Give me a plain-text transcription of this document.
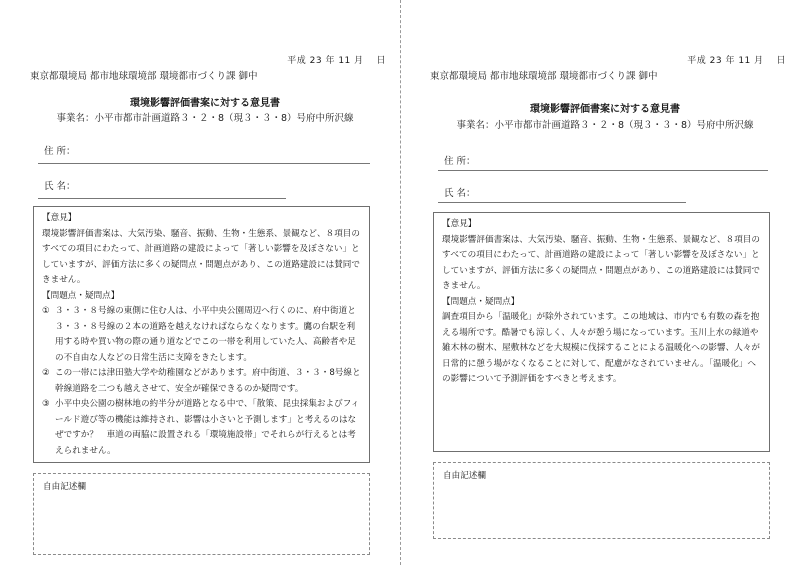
平成 23 年 11 月　 日
東京都環境局 都市地球環境部 環境都市づくり課 御中
環境影響評価書案に対する意見書
事業名：小平市都市計画道路３・２・8（現３・３・8）号府中所沢線
住 所：
氏 名：

【意見】

環境影響評価書案は、大気汚染、騒音、振動、生物・生態系、景観など、８項目のすべての項目にわたって、計画道路の建設によって「著しい影響を及ぼさない」としていますが、評価方法に多くの疑問点・問題点があり、この道路建設には賛同できません。

【問題点・疑問点】

① ３・３・８号線の東側に住む人は、小平中央公園周辺へ行くのに、府中街道と３・３・８号線の２本の道路を越えなければならなくなります。鷹の台駅を利用する時や買い物の際の通り道などでこの一帯を利用していた人、高齢者や足の不自由な人などの日常生活に支障をきたします。
② この一帯には津田塾大学や幼稚園などがあります。府中街道、３・３・8号線と幹線道路を二つも越えさせて、安全が確保できるのか疑問です。
③ 小平中央公園の樹林地の約半分が道路となる中で、「散策、昆虫採集およびフィールド遊び等の機能は維持され、影響は小さいと予測します」と考えるのはなぜですか？　車道の両脇に設置される「環境施設帯」でそれらが行えるとは考えられません。
自由記述欄
平成 23 年 11 月　 日
東京都環境局 都市地球環境部 環境都市づくり課 御中
環境影響評価書案に対する意見書
事業名：小平市都市計画道路３・２・8（現３・３・8）号府中所沢線
住 所：
氏 名：

【意見】

環境影響評価書案は、大気汚染、騒音、振動、生物・生態系、景観など、８項目のすべての項目にわたって、計画道路の建設によって「著しい影響を及ぼさない」としていますが、評価方法に多くの疑問点・問題点があり、この道路建設には賛同できません。

【問題点・疑問点】

調査項目から「温暖化」が除外されています。この地域は、市内でも有数の森を抱える場所です。酷暑でも涼しく、人々が憩う場になっています。玉川上水の緑道や雑木林の樹木、屋敷林などを大規模に伐採することによる温暖化への影響、人々が日常的に憩う場がなくなることに対して、配慮がなされていません。「温暖化」への影響について予測評価をすべきと考えます。

自由記述欄
